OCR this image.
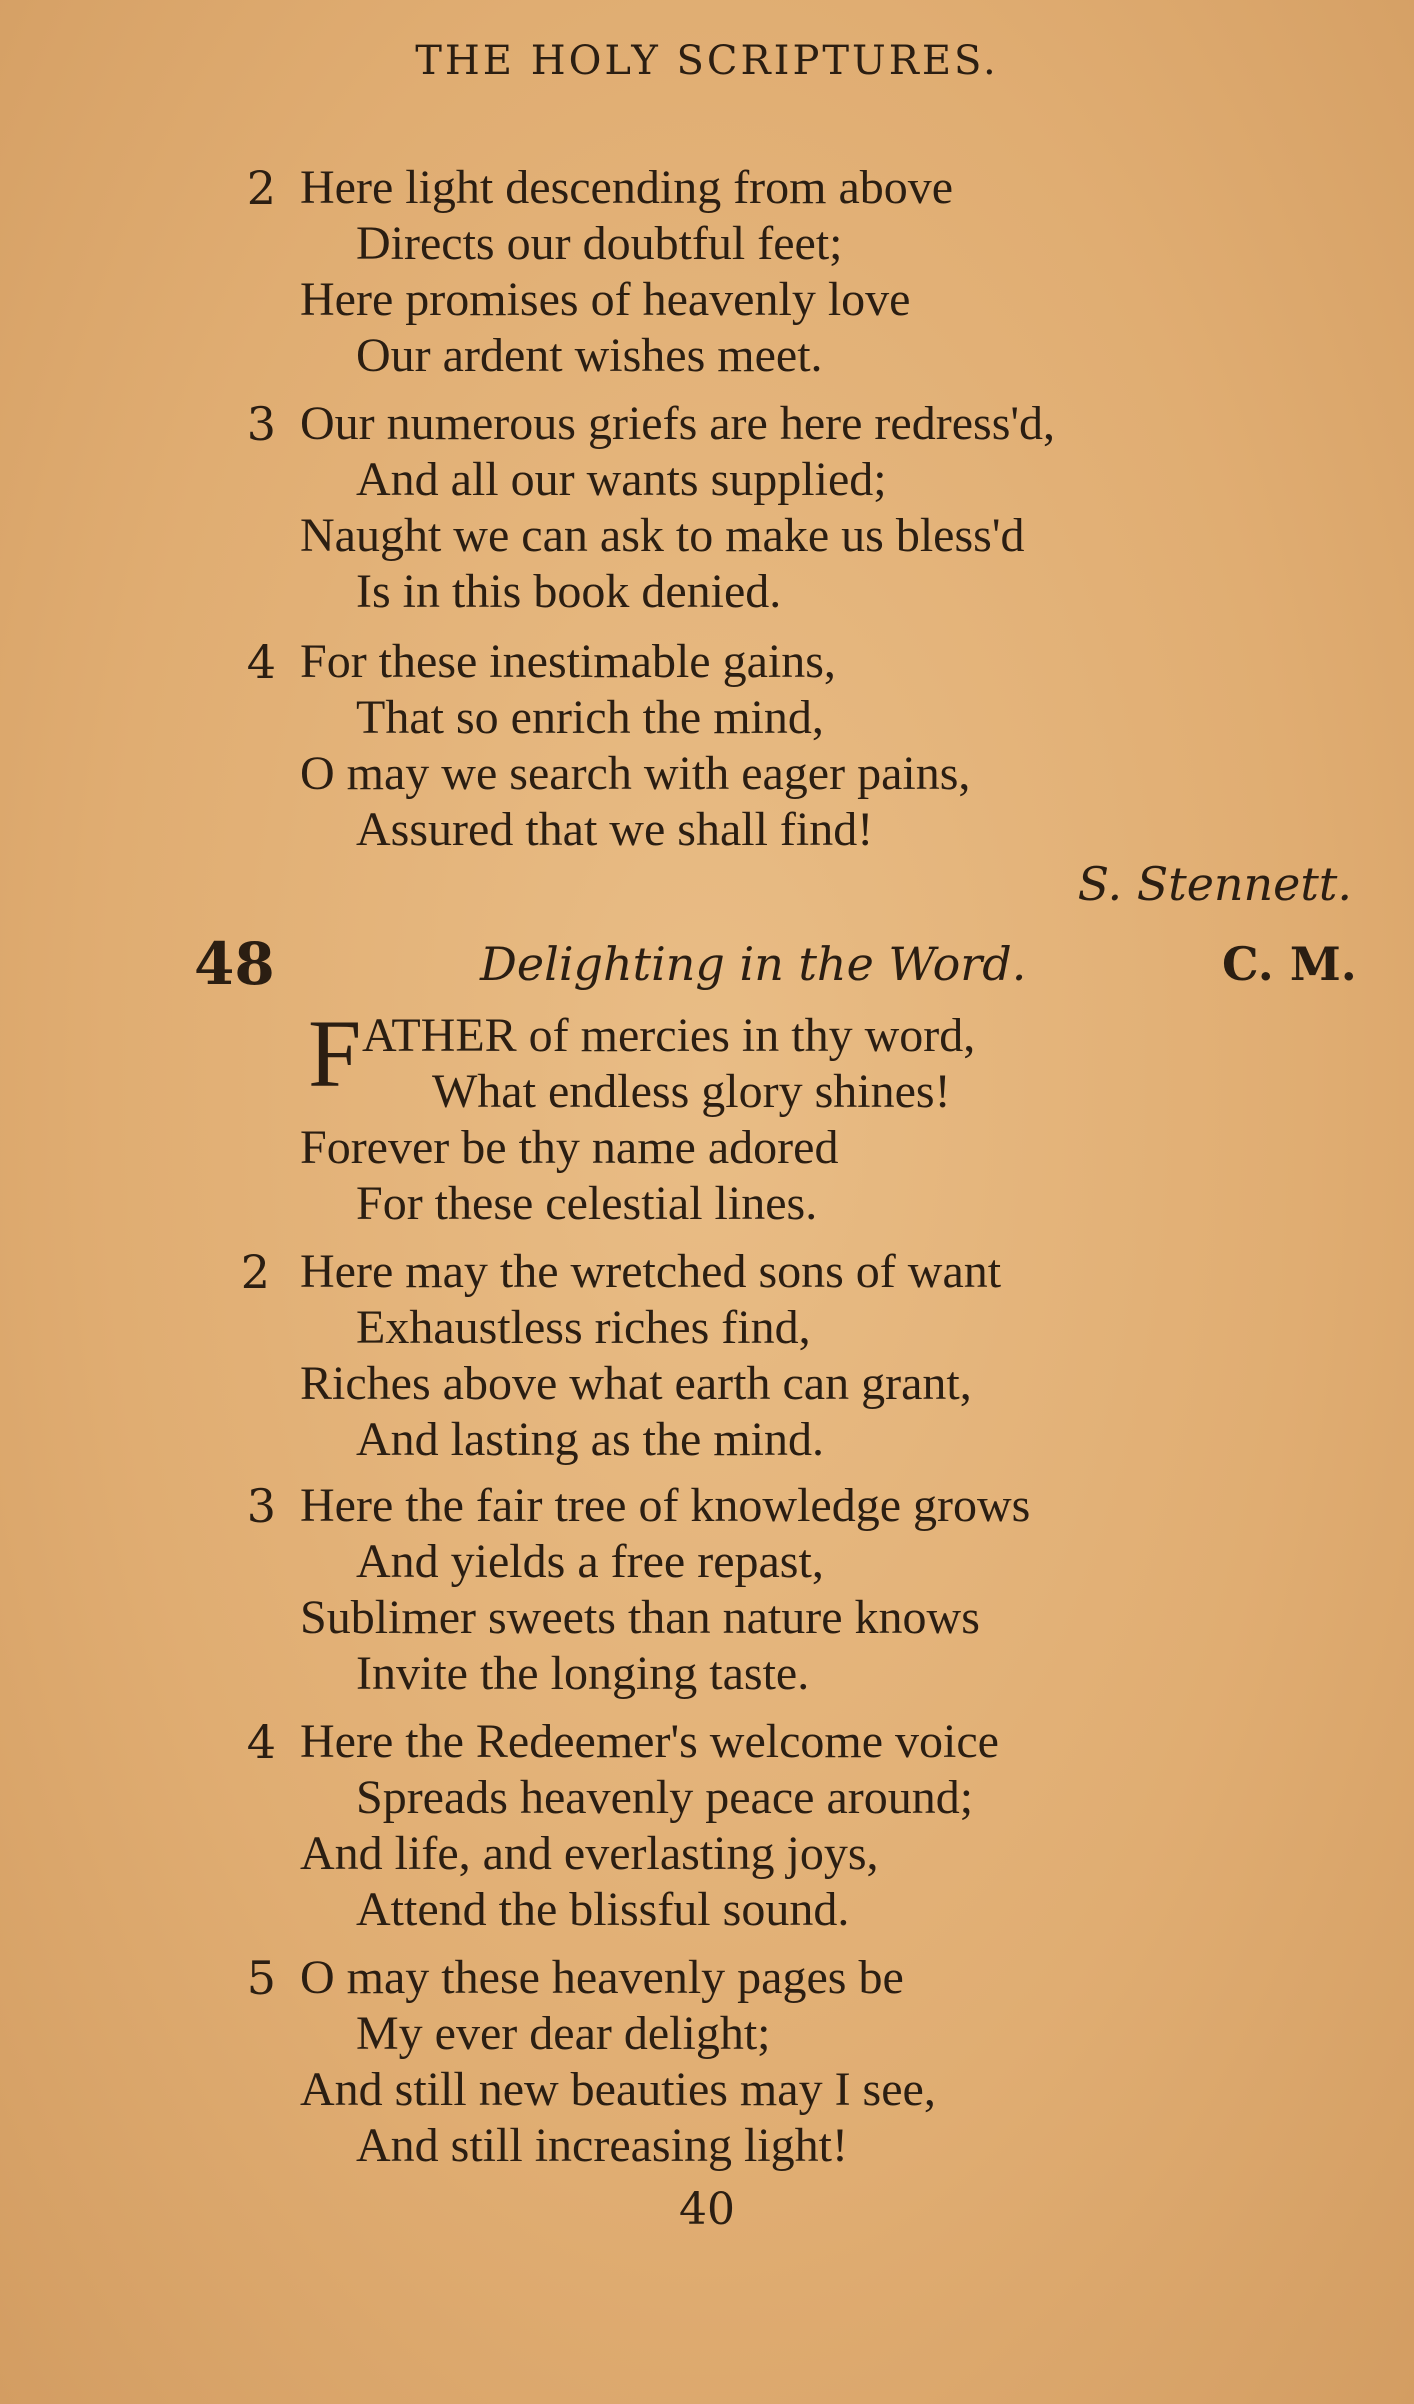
THE HOLY SCRIPTURES.
2 Here light descending from above
Directs our doubtful feet;
Here promises of heavenly love
Our ardent wishes meet.
3 Our numerous griefs are here redress'd,
And all our wants supplied;
Naught we can ask to make us bless'd
Is in this book denied.
4 For these inestimable gains,
That so enrich the mind,
O may we search with eager pains,
Assured that we shall find!
S. Stennett.
48	Delighting in the Word.	C. M.
F ATHER of mercies in thy word,
What endless glory shines!
Forever be thy name adored
For these celestial lines.
2 Here may the wretched sons of want
Exhaustless riches find,
Riches above what earth can grant,
And lasting as the mind.
3 Here the fair tree of knowledge grows
And yields a free repast,
Sublimer sweets than nature knows
Invite the longing taste.
4 Here the Redeemer's welcome voice
Spreads heavenly peace around;
And life, and everlasting joys,
Attend the blissful sound.
5 O may these heavenly pages be
My ever dear delight;
And still new beauties may I see,
And still increasing light!
40
